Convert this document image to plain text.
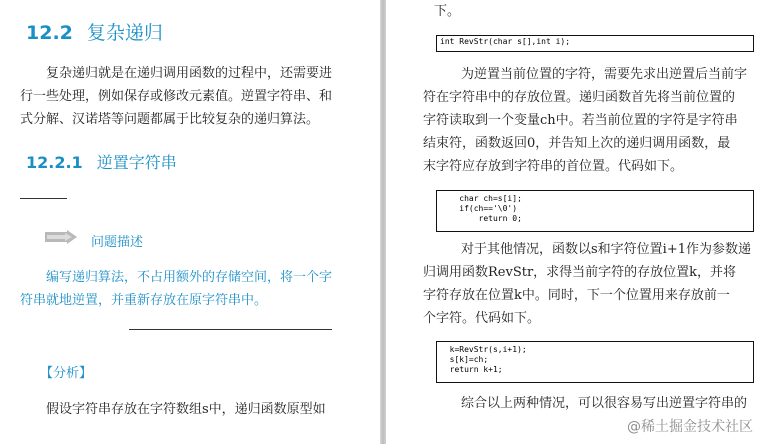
12.2 复杂递归
复杂递归就是在递归调用函数的过程中，还需要进
行一些处理，例如保存或修改元素值。逆置字符串、和
式分解、汉诺塔等问题都属于比较复杂的递归算法。
12.2.1 逆置字符串
问题描述
编写递归算法，不占用额外的存储空间，将一个字
符串就地逆置，并重新存放在原字符串中。
【分析】
假设字符串存放在字符数组s中，递归函数原型如
下。
int RevStr(char s[],int i);
为逆置当前位置的字符，需要先求出逆置后当前字
符在字符串中的存放位置。递归函数首先将当前位置的
字符读取到一个变量ch中。若当前位置的字符是字符串
结束符，函数返回0，并告知上次的递归调用函数，最
末字符应存放到字符串的首位置。代码如下。
char ch=s[i];
if(ch=='\0')
return 0;
对于其他情况，函数以s和字符位置i+1作为参数递
归调用函数RevStr，求得当前字符的存放位置k，并将
字符存放在位置k中。同时，下一个位置用来存放前一
个字符。代码如下。
k=RevStr(s,i+1);
s[k]=ch;
return k+1;
综合以上两种情况，可以很容易写出逆置字符串的
@稀土掘金技术社区
